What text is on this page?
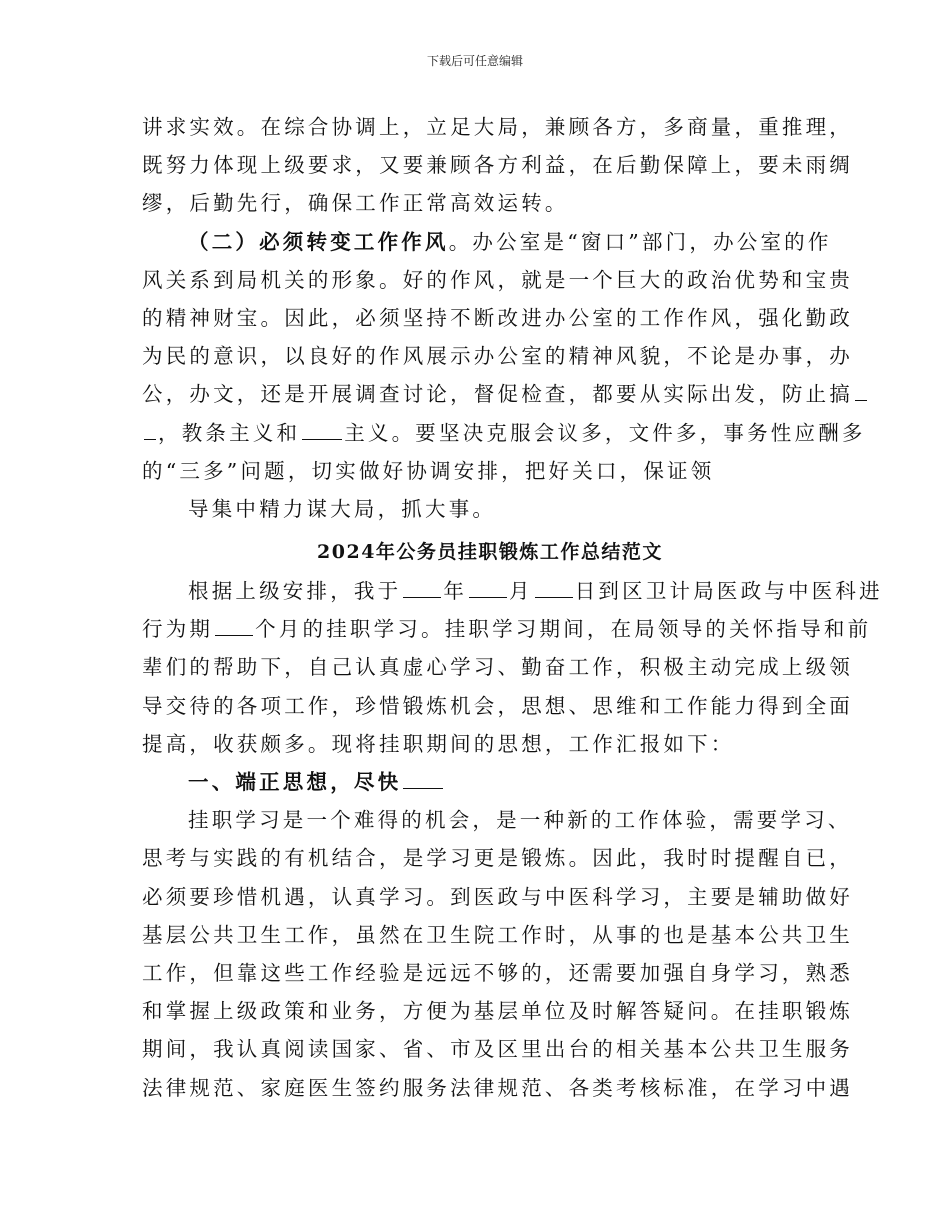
下载后可任意编辑
讲求实效。在综合协调上，立足大局，兼顾各方，多商量，重推理，
既努力体现上级要求，又要兼顾各方利益，在后勤保障上，要未雨绸
缪，后勤先行，确保工作正常高效运转。
（二）必须转变工作作风。办公室是“窗口”部门，办公室的作
风关系到局机关的形象。好的作风，就是一个巨大的政治优势和宝贵
的精神财宝。因此，必须坚持不断改进办公室的工作作风，强化勤政
为民的意识，以良好的作风展示办公室的精神风貌，不论是办事，办
公，办文，还是开展调查讨论，督促检查，都要从实际出发，防止搞
，教条主义和 主义。要坚决克服会议多，文件多，事务性应酬多
的“三多”问题，切实做好协调安排，把好关口，保证领
导集中精力谋大局，抓大事。
2024年公务员挂职锻炼工作总结范文
根据上级安排，我于 年 月 日到区卫计局医政与中医科进
行为期 个月的挂职学习。挂职学习期间，在局领导的关怀指导和前
辈们的帮助下，自己认真虚心学习、勤奋工作，积极主动完成上级领
导交待的各项工作，珍惜锻炼机会，思想、思维和工作能力得到全面
提高，收获颇多。现将挂职期间的思想，工作汇报如下：
一、端正思想，尽快
挂职学习是一个难得的机会，是一种新的工作体验，需要学习、
思考与实践的有机结合，是学习更是锻炼。因此，我时时提醒自已，
必须要珍惜机遇，认真学习。到医政与中医科学习，主要是辅助做好
基层公共卫生工作，虽然在卫生院工作时，从事的也是基本公共卫生
工作，但靠这些工作经验是远远不够的，还需要加强自身学习，熟悉
和掌握上级政策和业务，方便为基层单位及时解答疑问。在挂职锻炼
期间，我认真阅读国家、省、市及区里出台的相关基本公共卫生服务
法律规范、家庭医生签约服务法律规范、各类考核标准，在学习中遇
